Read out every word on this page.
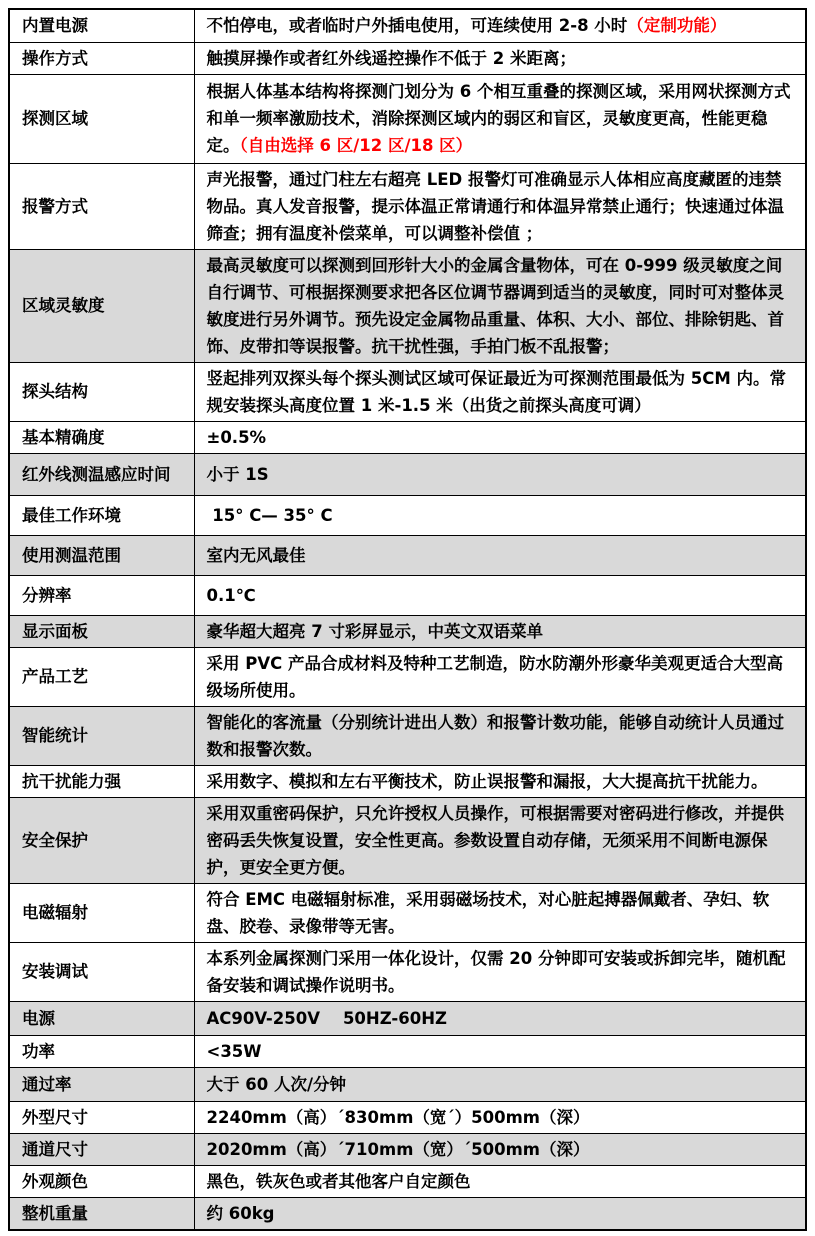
内置电源	不怕停电，或者临时户外插电使用，可连续使用 2-8 小时（定制功能）
操作方式	触摸屏操作或者红外线遥控操作不低于 2 米距离；
探测区域	根据人体基本结构将探测门划分为 6 个相互重叠的探测区域，采用网状探测方式和单一频率激励技术，消除探测区域内的弱区和盲区，灵敏度更高，性能更稳定。（自由选择 6 区/12 区/18 区）
报警方式	声光报警，通过门柱左右超亮 LED 报警灯可准确显示人体相应高度藏匿的违禁物品。真人发音报警，提示体温正常请通行和体温异常禁止通行；快速通过体温筛查；拥有温度补偿菜单，可以调整补偿值 ；
区域灵敏度	最高灵敏度可以探测到回形针大小的金属含量物体，可在 0-999 级灵敏度之间自行调节、可根据探测要求把各区位调节器调到适当的灵敏度，同时可对整体灵敏度进行另外调节。预先设定金属物品重量、体积、大小、部位、排除钥匙、首饰、皮带扣等误报警。抗干扰性强，手拍门板不乱报警；
探头结构	竖起排列双探头每个探头测试区域可保证最近为可探测范围最低为 5CM 内。常规安装探头高度位置 1 米-1.5 米（出货之前探头高度可调）
基本精确度	±0.5%
红外线测温感应时间	小于 1S
最佳工作环境	15° C— 35° C
使用测温范围	室内无风最佳
分辨率	0.1℃
显示面板	豪华超大超亮 7 寸彩屏显示，中英文双语菜单
产品工艺	采用 PVC 产品合成材料及特种工艺制造，防水防潮外形豪华美观更适合大型高级场所使用。
智能统计	智能化的客流量（分别统计进出人数）和报警计数功能，能够自动统计人员通过数和报警次数。
抗干扰能力强	采用数字、模拟和左右平衡技术，防止误报警和漏报，大大提高抗干扰能力。
安全保护	采用双重密码保护，只允许授权人员操作，可根据需要对密码进行修改，并提供密码丢失恢复设置，安全性更高。参数设置自动存储，无须采用不间断电源保护，更安全更方便。
电磁辐射	符合 EMC 电磁辐射标准，采用弱磁场技术，对心脏起搏器佩戴者、孕妇、软盘、胶卷、录像带等无害。
安装调试	本系列金属探测门采用一体化设计，仅需 20 分钟即可安装或拆卸完毕，随机配备安装和调试操作说明书。
电源	AC90V-250V    50HZ-60HZ
功率	<35W
通过率	大于 60 人次/分钟
外型尺寸	2240mm（高）´830mm（宽´）500mm（深）
通道尺寸	2020mm（高）´710mm（宽）´500mm（深）
外观颜色	黑色，铁灰色或者其他客户自定颜色
整机重量	约 60kg
